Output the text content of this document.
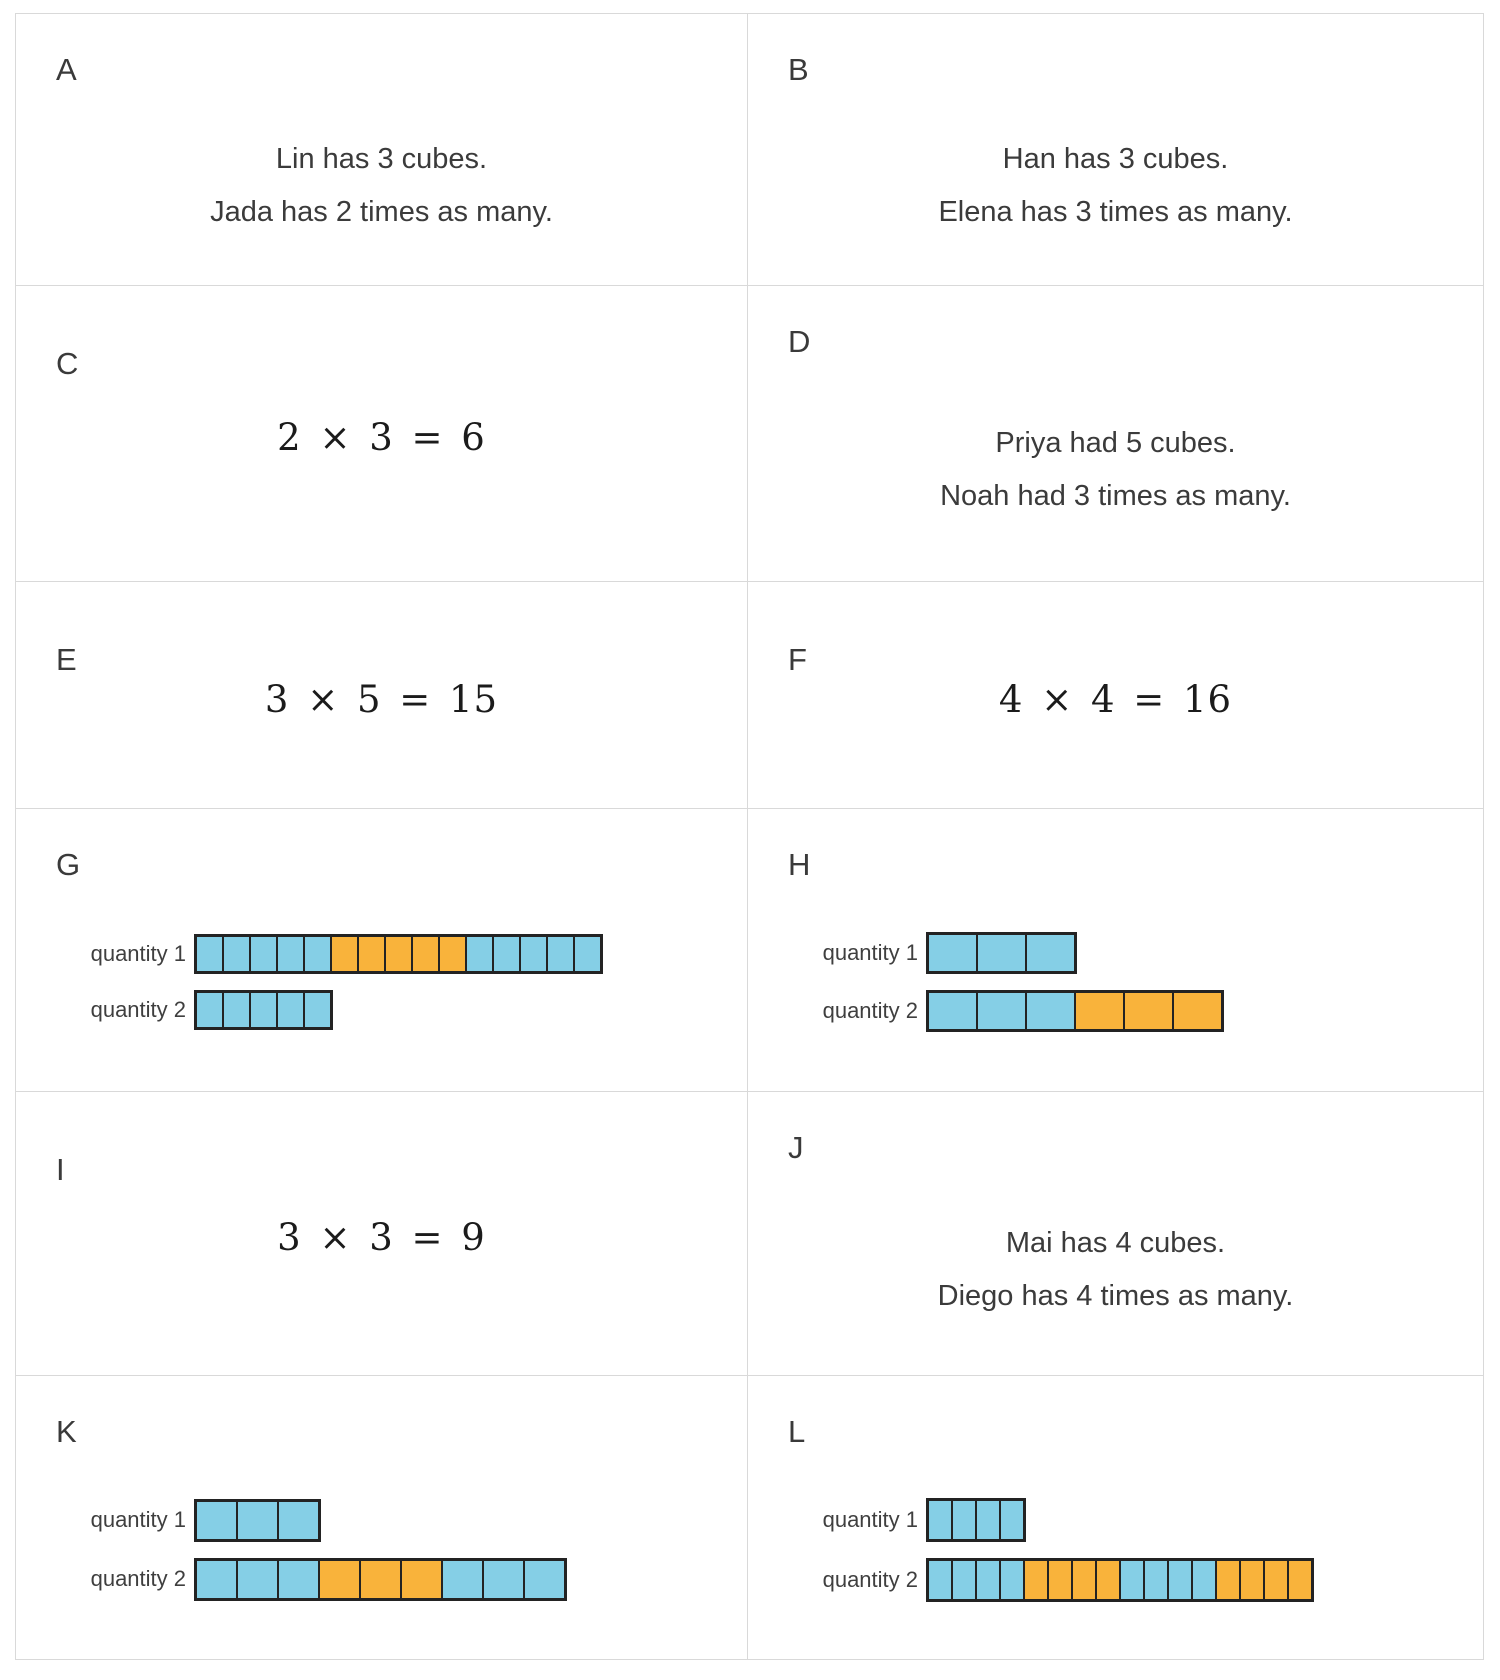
A
Lin has 3 cubes.
Jada has 2 times as many.
B
Han has 3 cubes.
Elena has 3 times as many.
C
2 × 3 = 6
D
Priya had 5 cubes.
Noah had 3 times as many.
E
3 × 5 = 15
F
4 × 4 = 16
G
quantity 1
quantity 2
H
quantity 1
quantity 2
I
3 × 3 = 9
J
Mai has 4 cubes.
Diego has 4 times as many.
K
quantity 1
quantity 2
L
quantity 1
quantity 2
